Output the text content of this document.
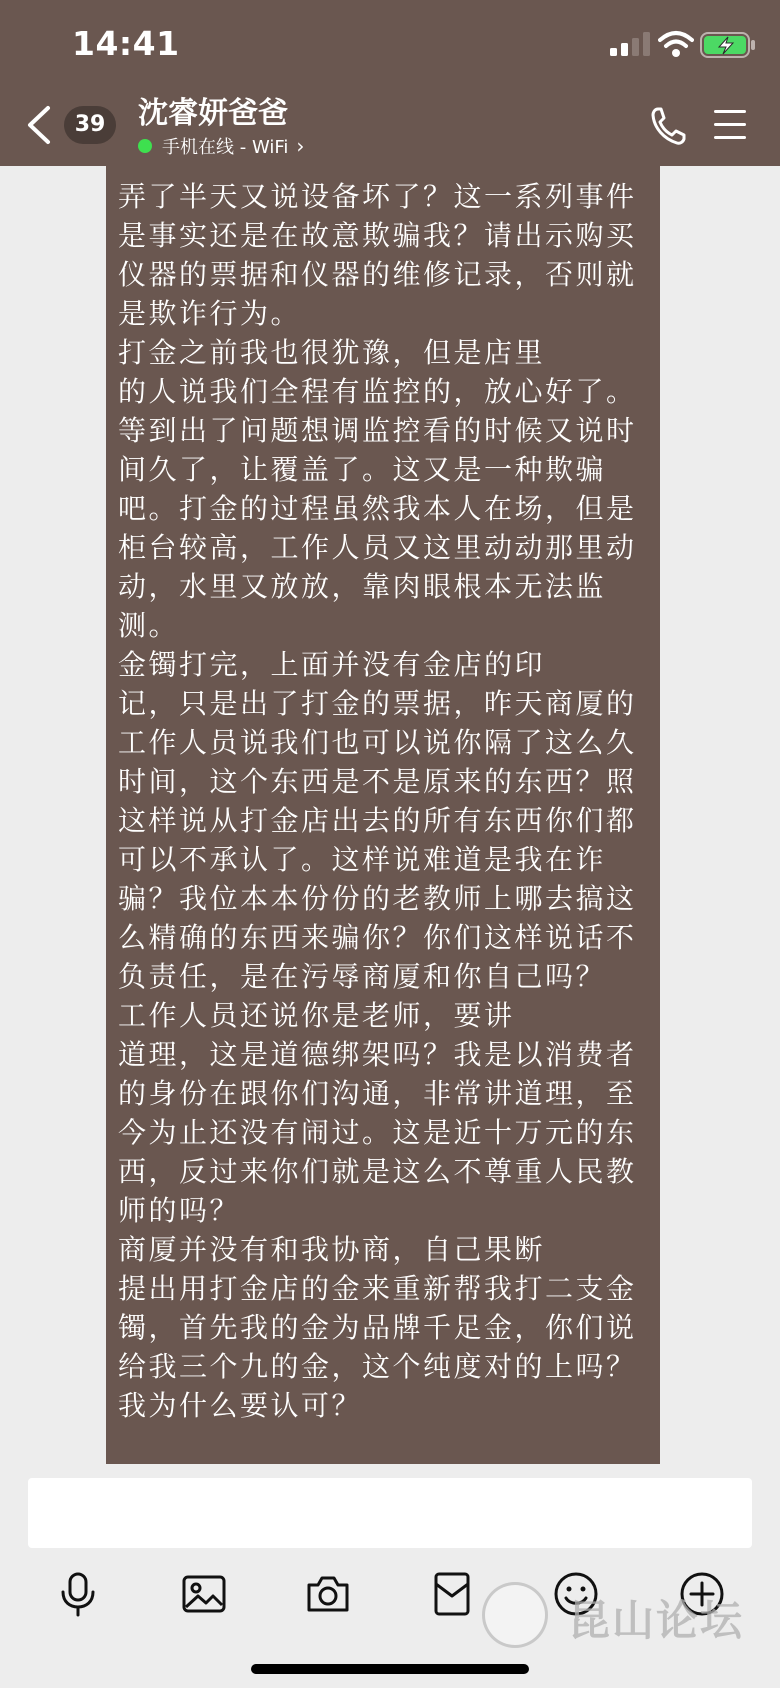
14:41
39	沈睿妍爸爸
手机在线 - WiFi ›
弄了半天又说设备坏了？这一系列事件
是事实还是在故意欺骗我？请出示购买
仪器的票据和仪器的维修记录，否则就
是欺诈行为。
打金之前我也很犹豫，但是店里
的人说我们全程有监控的，放心好了。
等到出了问题想调监控看的时候又说时
间久了，让覆盖了。这又是一种欺骗
吧。打金的过程虽然我本人在场，但是
柜台较高，工作人员又这里动动那里动
动，水里又放放，靠肉眼根本无法监
测。
金镯打完，上面并没有金店的印
记，只是出了打金的票据，昨天商厦的
工作人员说我们也可以说你隔了这么久
时间，这个东西是不是原来的东西？照
这样说从打金店出去的所有东西你们都
可以不承认了。这样说难道是我在诈
骗？我位本本份份的老教师上哪去搞这
么精确的东西来骗你？你们这样说话不
负责任，是在污辱商厦和你自己吗？
工作人员还说你是老师，要讲
道理，这是道德绑架吗？我是以消费者
的身份在跟你们沟通，非常讲道理，至
今为止还没有闹过。这是近十万元的东
西，反过来你们就是这么不尊重人民教
师的吗？
商厦并没有和我协商，自己果断
提出用打金店的金来重新帮我打二支金
镯，首先我的金为品牌千足金，你们说
给我三个九的金，这个纯度对的上吗？
我为什么要认可？
昆山论坛
